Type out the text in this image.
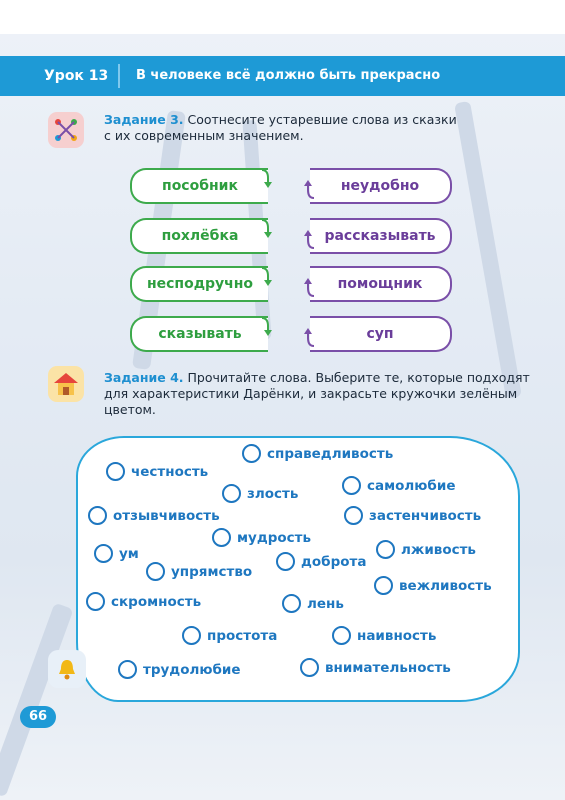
Урок 13 В человеке всё должно быть прекрасно
Задание 3. Соотнесите устаревшие слова из сказки
с их современным значением.
пособник
похлёбка
несподручно
сказывать
неудобно
рассказывать
помощник
суп
Задание 4. Прочитайте слова. Выберите те, которые подходят
для характеристики Дарёнки, и закрасьте кружочки зелёным
цветом.
справедливость
честность
злость	самолюбие
отзывчивость
мудрость
застенчивость
ум
упрямство
доброта
лживость
вежливость
скромность	лень
простота	наивность
трудолюбие	внимательность
66
